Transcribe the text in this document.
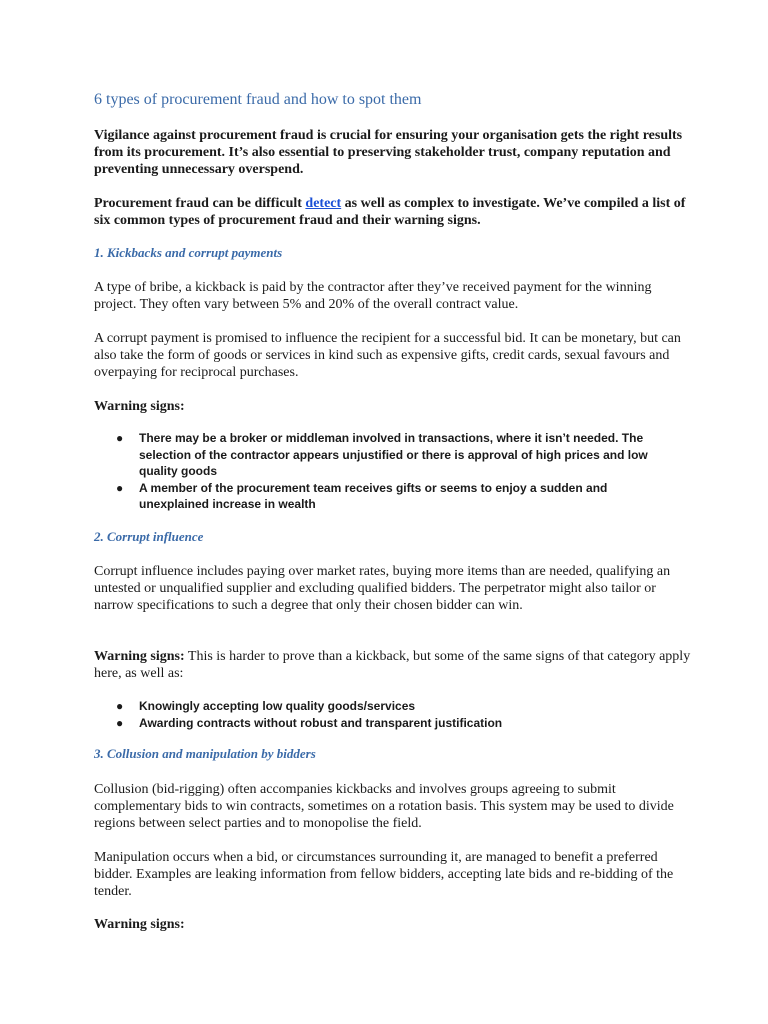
6 types of procurement fraud and how to spot them

Vigilance against procurement fraud is crucial for ensuring your organisation gets the right results from its procurement. It’s also essential to preserving stakeholder trust, company reputation and preventing unnecessary overspend.

Procurement fraud can be difficult detect as well as complex to investigate. We’ve compiled a list of six common types of procurement fraud and their warning signs.

1. Kickbacks and corrupt payments

A type of bribe, a kickback is paid by the contractor after they’ve received payment for the winning project. They often vary between 5% and 20% of the overall contract value.

A corrupt payment is promised to influence the recipient for a successful bid. It can be monetary, but can also take the form of goods or services in kind such as expensive gifts, credit cards, sexual favours and overpaying for reciprocal purchases.

Warning signs:

● There may be a broker or middleman involved in transactions, where it isn’t needed. The selection of the contractor appears unjustified or there is approval of high prices and low quality goods
● A member of the procurement team receives gifts or seems to enjoy a sudden and unexplained increase in wealth
2. Corrupt influence

Corrupt influence includes paying over market rates, buying more items than are needed, qualifying an untested or unqualified supplier and excluding qualified bidders. The perpetrator might also tailor or narrow specifications to such a degree that only their chosen bidder can win.

Warning signs: This is harder to prove than a kickback, but some of the same signs of that category apply here, as well as:

● Knowingly accepting low quality goods/services
● Awarding contracts without robust and transparent justification
3. Collusion and manipulation by bidders

Collusion (bid-rigging) often accompanies kickbacks and involves groups agreeing to submit complementary bids to win contracts, sometimes on a rotation basis. This system may be used to divide regions between select parties and to monopolise the field.

Manipulation occurs when a bid, or circumstances surrounding it, are managed to benefit a preferred bidder. Examples are leaking information from fellow bidders, accepting late bids and re-bidding of the tender.

Warning signs:
